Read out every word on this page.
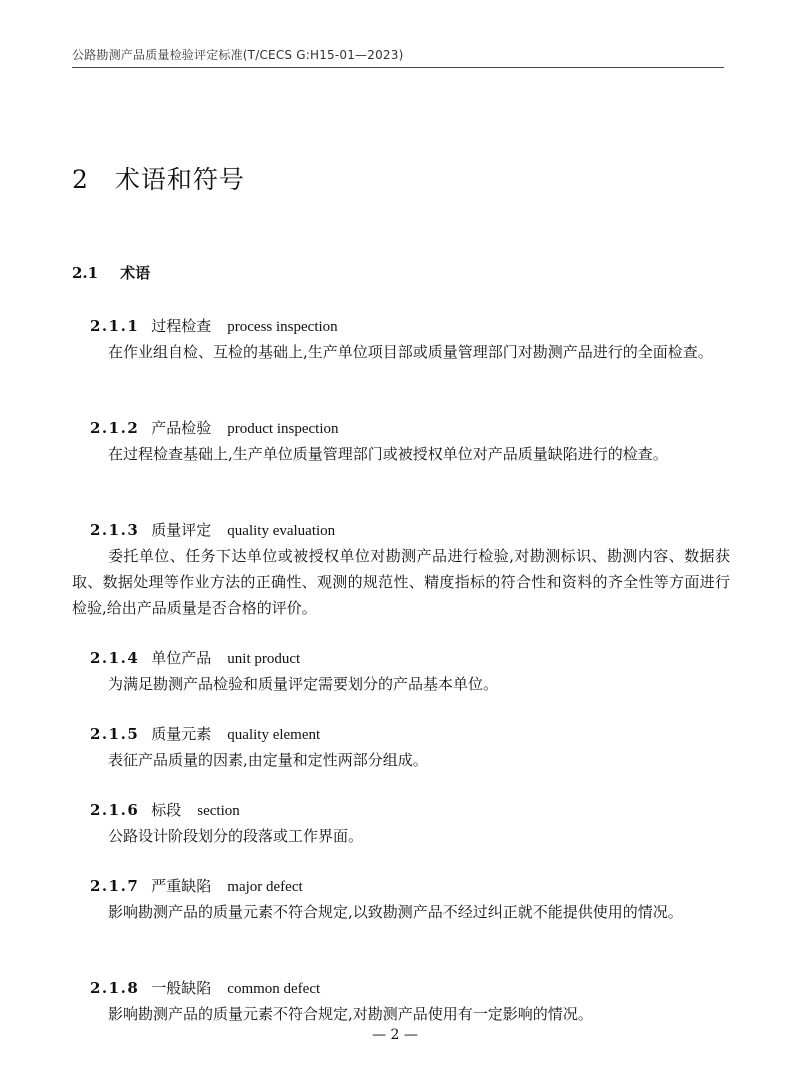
公路勘测产品质量检验评定标准(T/CECS G:H15-01—2023)
2 术语和符号
2.1 术语
2.1.1 过程检查 process inspection

在作业组自检、互检的基础上,生产单位项目部或质量管理部门对勘测产品进行的全面检查。

2.1.2 产品检验 product inspection

在过程检查基础上,生产单位质量管理部门或被授权单位对产品质量缺陷进行的检查。

2.1.3 质量评定 quality evaluation

委托单位、任务下达单位或被授权单位对勘测产品进行检验,对勘测标识、勘测内容、数据获取、数据处理等作业方法的正确性、观测的规范性、精度指标的符合性和资料的齐全性等方面进行检验,给出产品质量是否合格的评价。

2.1.4 单位产品 unit product

为满足勘测产品检验和质量评定需要划分的产品基本单位。

2.1.5 质量元素 quality element

表征产品质量的因素,由定量和定性两部分组成。

2.1.6 标段 section

公路设计阶段划分的段落或工作界面。

2.1.7 严重缺陷 major defect

影响勘测产品的质量元素不符合规定,以致勘测产品不经过纠正就不能提供使用的情况。

2.1.8 一般缺陷 common defect

影响勘测产品的质量元素不符合规定,对勘测产品使用有一定影响的情况。

— 2 —
